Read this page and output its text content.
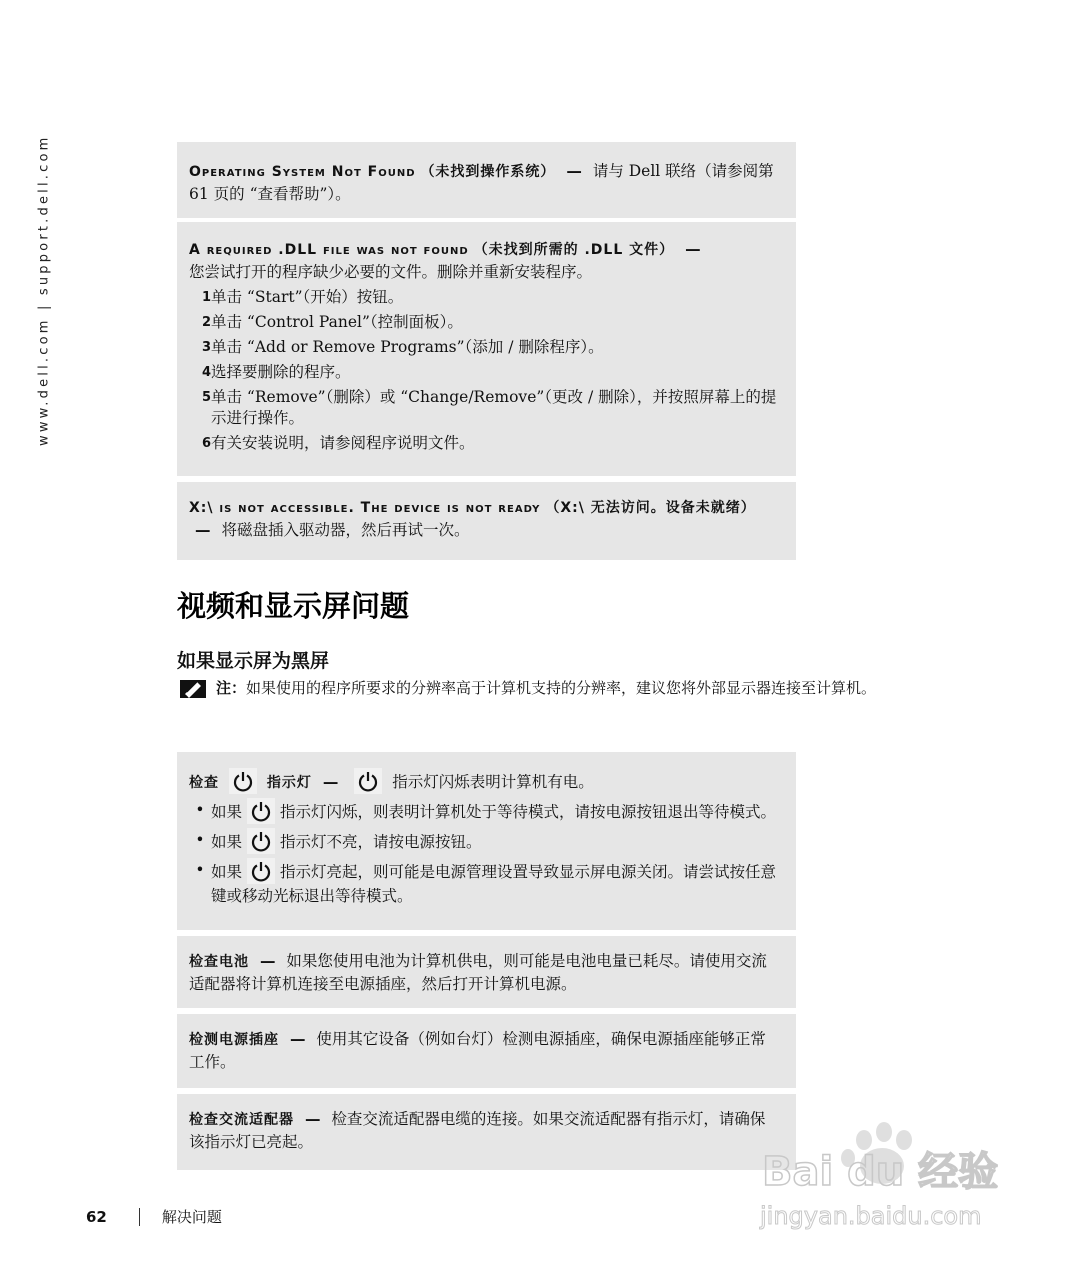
www.dell.com | support.dell.com	Operating System Not Found （未找到操作系统） — 请与 Dell 联络（请参阅第 61 页的 “查看帮助”）。
A required .DLL file was not found （未找到所需的 .DLL 文件） —
您尝试打开的程序缺少必要的文件。删除并重新安装程序。
1 单击 “Start”（开始）按钮。
2 单击 “Control Panel”（控制面板）。
3 单击 “Add or Remove Programs”（添加 / 删除程序）。
4 选择要删除的程序。
5 单击 “Remove”（删除）或 “Change/Remove”（更改 / 删除），并按照屏幕上的提示进行操作。
6 有关安装说明，请参阅程序说明文件。
X:\ is not accessible. The device is not ready （X:\ 无法访问。设备未就绪） — 将磁盘插入驱动器，然后再试一次。
视频和显示屏问题
如果显示屏为黑屏
注：如果使用的程序所要求的分辨率高于计算机支持的分辨率，建议您将外部显示器连接至计算机。
检查	指示灯 —	指示灯闪烁表明计算机有电。
• 如果 指示灯闪烁，则表明计算机处于等待模式，请按电源按钮退出等待模式。
• 如果 指示灯不亮，请按电源按钮。
• 如果 指示灯亮起，则可能是电源管理设置导致显示屏电源关闭。请尝试按任意键或移动光标退出等待模式。
检查电池 — 如果您使用电池为计算机供电，则可能是电池电量已耗尽。请使用交流适配器将计算机连接至电源插座，然后打开计算机电源。
检测电源插座 — 使用其它设备（例如台灯）检测电源插座，确保电源插座能够正常工作。
检查交流适配器 — 检查交流适配器电缆的连接。如果交流适配器有指示灯，请确保该指示灯已亮起。
62	解决问题
Bai du 经验
jingyan.baidu.com
